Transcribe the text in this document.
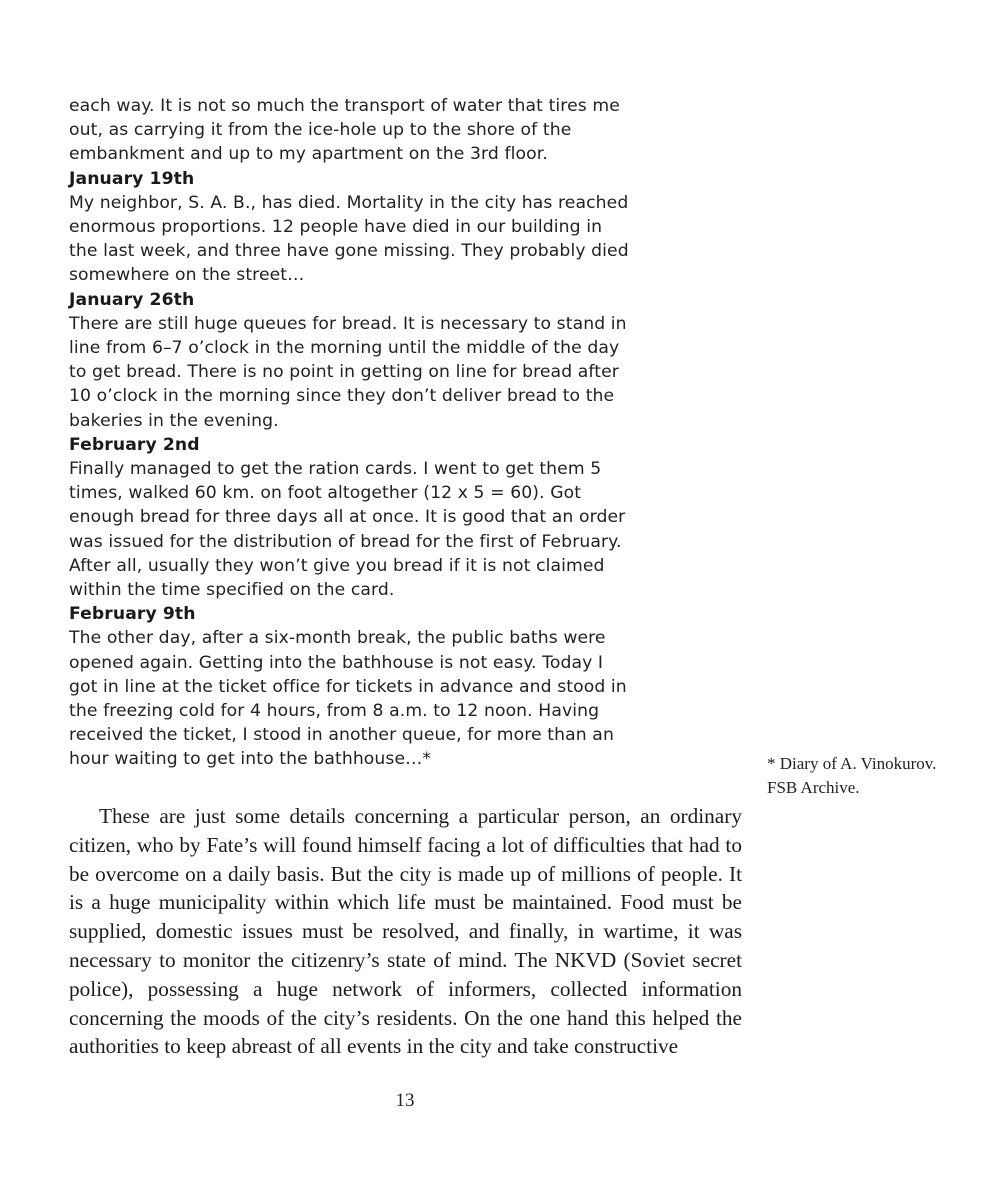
each way. It is not so much the transport of water that tires me out, as carrying it from the ice-hole up to the shore of the embankment and up to my apartment on the 3rd floor.

January 19th

My neighbor, S. A. B., has died. Mortality in the city has reached enormous proportions. 12 people have died in our building in the last week, and three have gone missing. They probably died somewhere on the street…

January 26th

There are still huge queues for bread. It is necessary to stand in line from 6–7 o’clock in the morning until the middle of the day to get bread. There is no point in getting on line for bread after 10 o’clock in the morning since they don’t deliver bread to the bakeries in the evening.

February 2nd

Finally managed to get the ration cards. I went to get them 5 times, walked 60 km. on foot altogether (12 x 5 = 60). Got enough bread for three days all at once. It is good that an order was issued for the distribution of bread for the first of February. After all, usually they won’t give you bread if it is not claimed within the time specified on the card.

February 9th

The other day, after a six-month break, the public baths were opened again. Getting into the bathhouse is not easy. Today I got in line at the ticket office for tickets in advance and stood in the freezing cold for 4 hours, from 8 a.m. to 12 noon. Having received the ticket, I stood in another queue, for more than an hour waiting to get into the bathhouse…*	* Diary of A. Vinokurov.
FSB Archive.

These are just some details concerning a particular person, an ordinary citizen, who by Fate’s will found himself facing a lot of difficulties that had to be overcome on a daily basis. But the city is made up of millions of people. It is a huge municipality within which life must be maintained. Food must be supplied, domestic issues must be resolved, and finally, in wartime, it was necessary to monitor the citizenry’s state of mind. The NKVD (Soviet secret police), possessing a huge network of informers, collected information concerning the moods of the city’s residents. On the one hand this helped the authorities to keep abreast of all events in the city and take constructive

13
